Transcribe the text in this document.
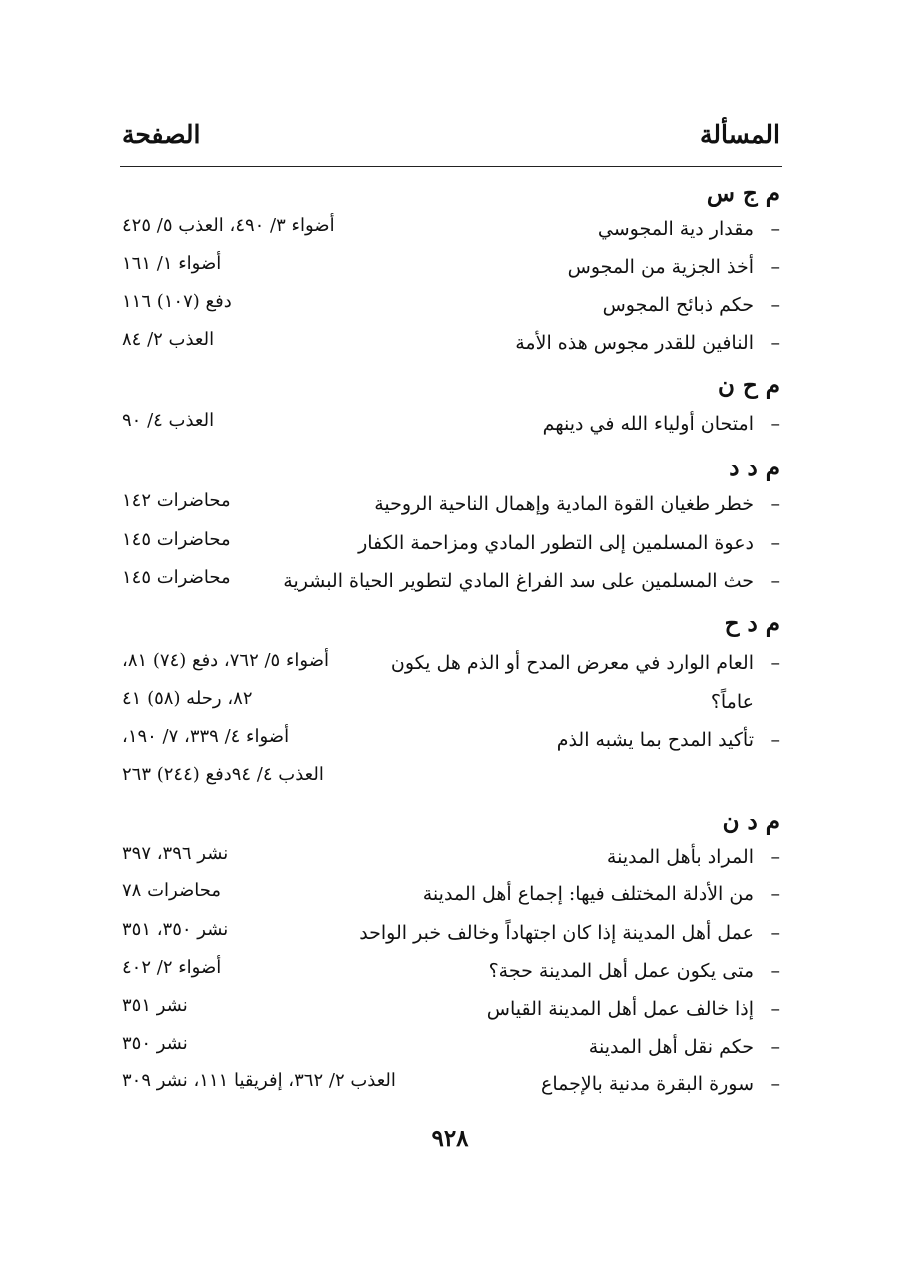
المسألة
الصفحة
م ج س
–
مقدار دية المجوسي
أضواء ٣/ ٤٩٠، العذب ٥/ ٤٢٥
–
أخذ الجزية من المجوس
أضواء ١/ ١٦١
–
حكم ذبائح المجوس
دفع (١٠٧) ١١٦
–
النافين للقدر مجوس هذه الأمة
العذب ٢/ ٨٤
م ح ن
–
امتحان أولياء الله في دينهم
العذب ٤/ ٩٠
م د د
–
خطر طغيان القوة المادية وإهمال الناحية الروحية
محاضرات ١٤٢
–
دعوة المسلمين إلى التطور المادي ومزاحمة الكفار
محاضرات ١٤٥
–
حث المسلمين على سد الفراغ المادي لتطوير الحياة البشرية
محاضرات ١٤٥
م د ح
–
العام الوارد في معرض المدح أو الذم هل يكون
أضواء ٥/ ٧٦٢، دفع (٧٤) ٨١،
عاماً؟
٨٢، رحله (٥٨) ٤١
–
تأكيد المدح بما يشبه الذم
أضواء ٤/ ٣٣٩، ٧/ ١٩٠،
العذب ٤/ ٩٤دفع (٢٤٤) ٢٦٣
م د ن
–
المراد بأهل المدينة
نشر ٣٩٦، ٣٩٧
–
من الأدلة المختلف فيها: إجماع أهل المدينة
محاضرات ٧٨
–
عمل أهل المدينة إذا كان اجتهاداً وخالف خبر الواحد
نشر ٣٥٠، ٣٥١
–
متى يكون عمل أهل المدينة حجة؟
أضواء ٢/ ٤٠٢
–
إذا خالف عمل أهل المدينة القياس
نشر ٣٥١
–
حكم نقل أهل المدينة
نشر ٣٥٠
–
سورة البقرة مدنية بالإجماع
العذب ٢/ ٣٦٢، إفريقيا ١١١، نشر ٣٠٩
٩٢٨
